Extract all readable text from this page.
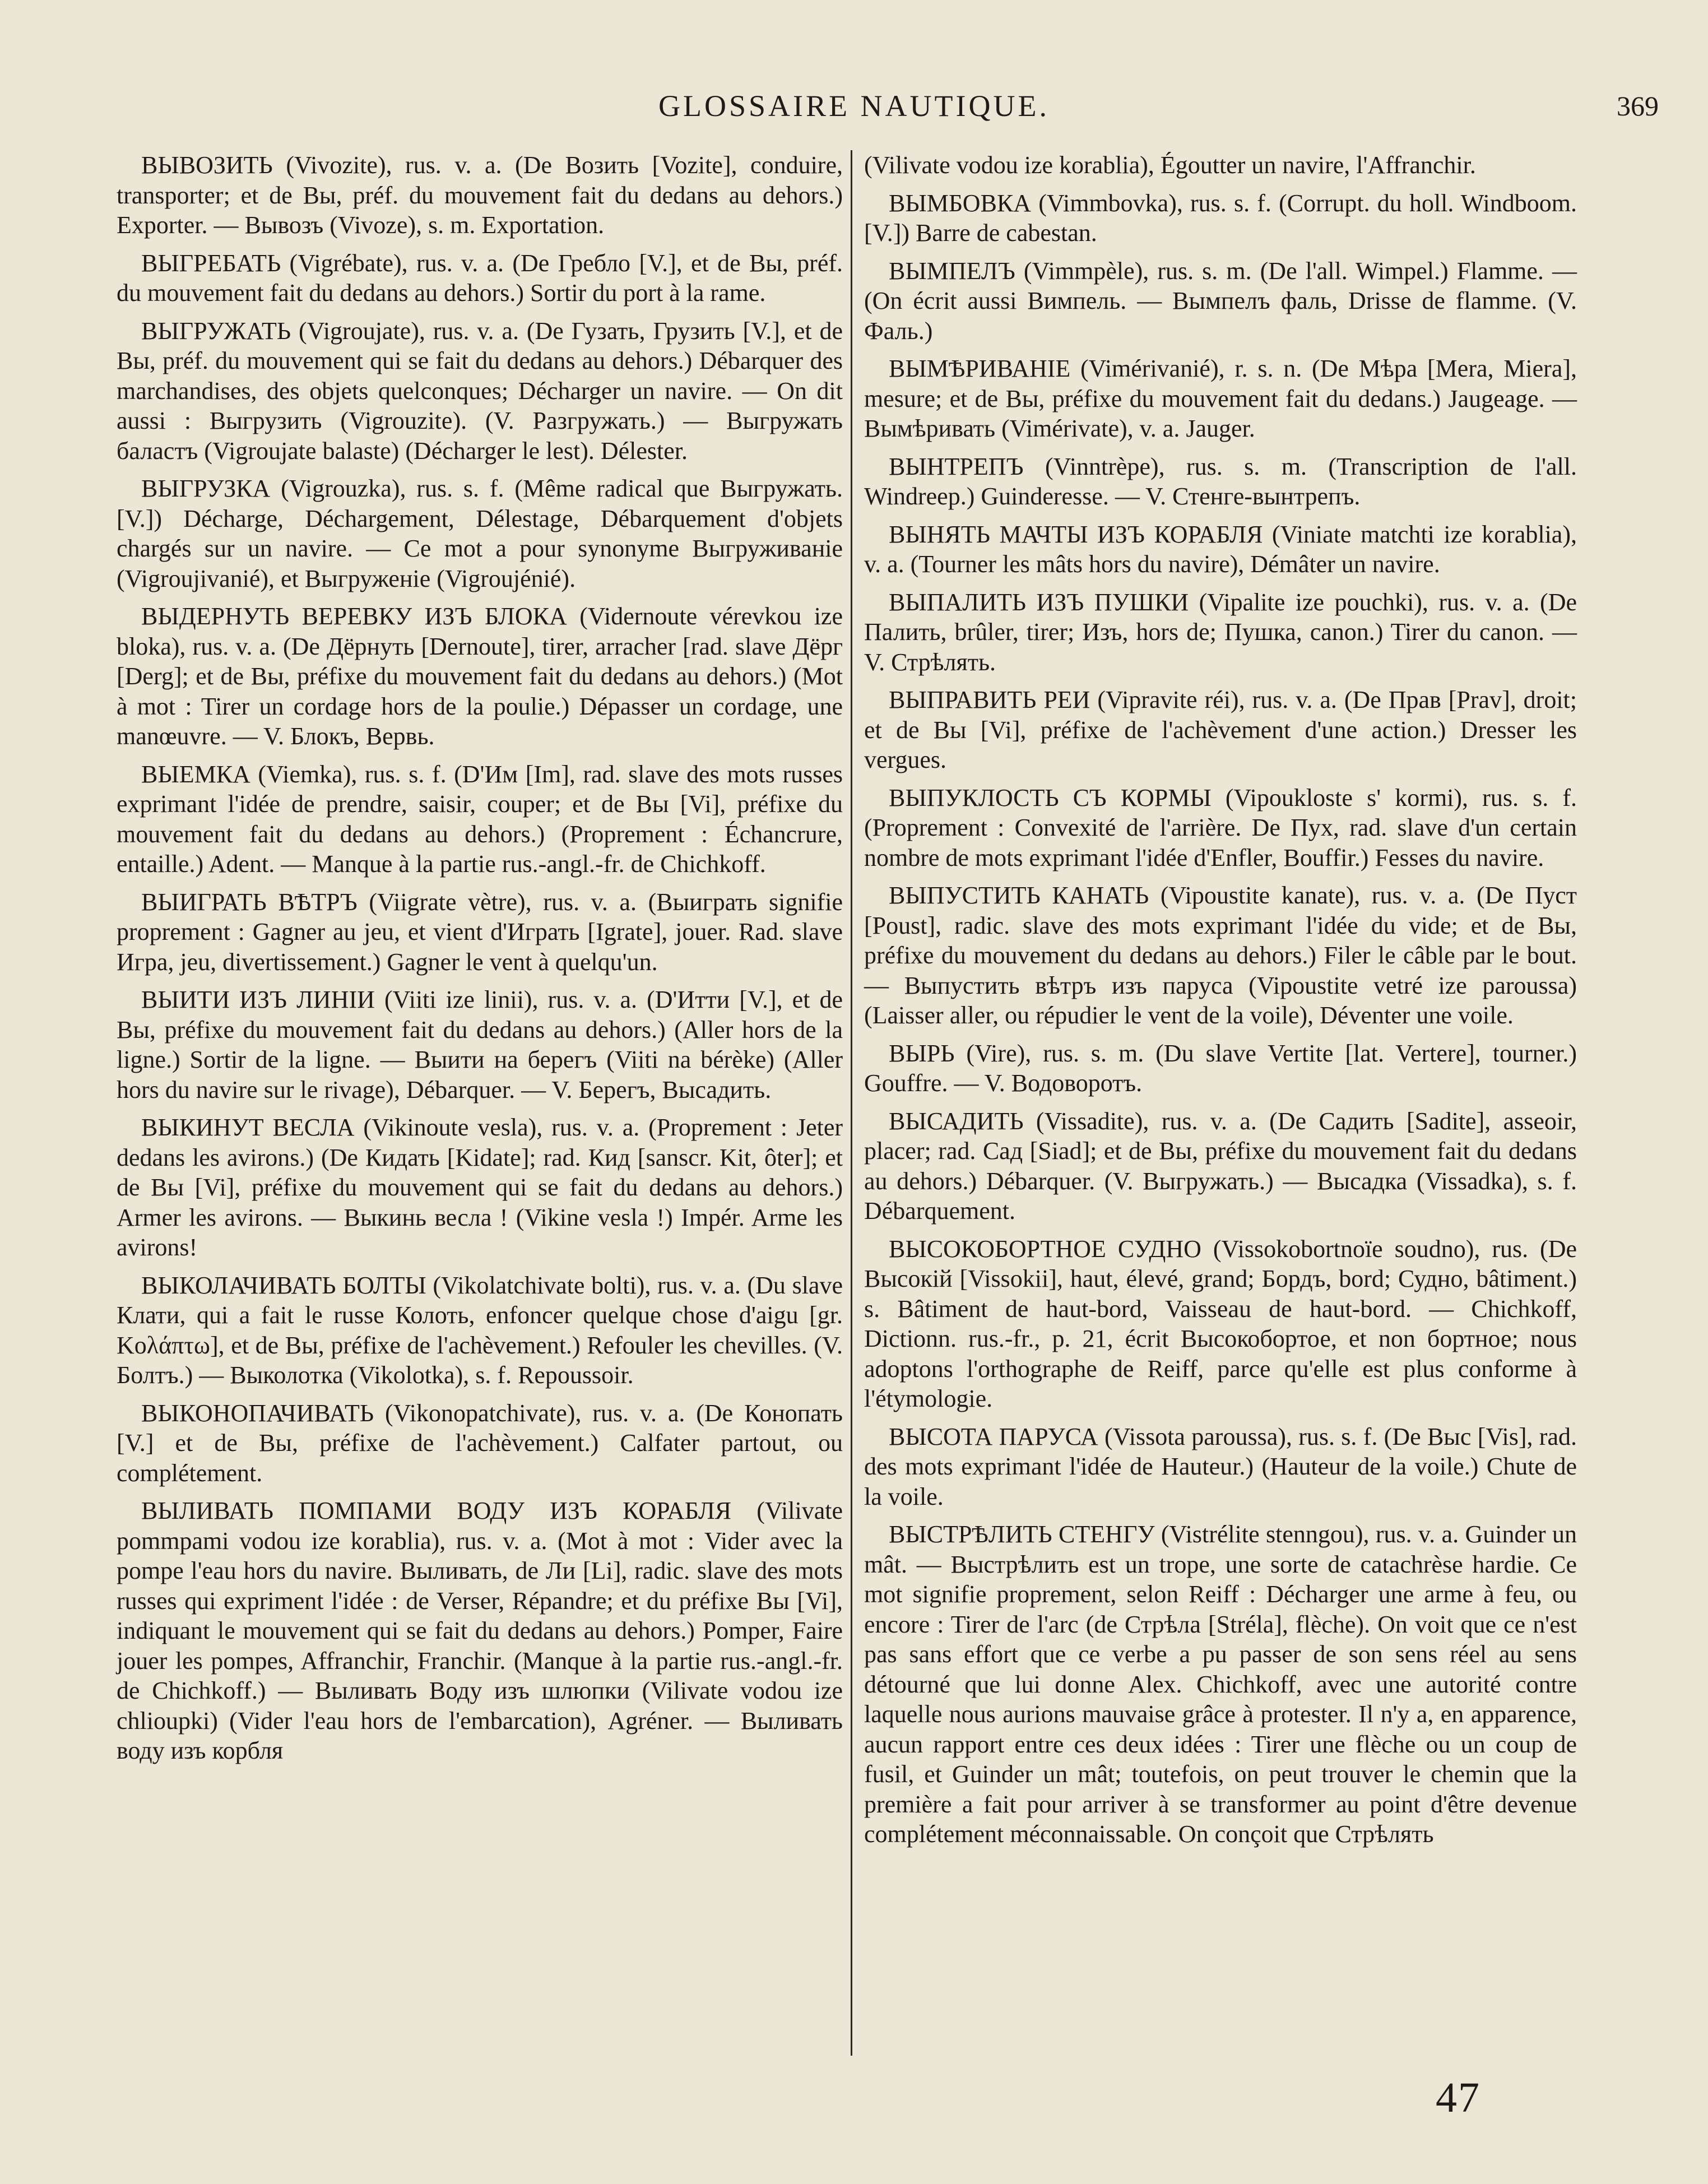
GLOSSAIRE NAUTIQUE.	369

ВЫВОЗИТЬ (Vivozite), rus. v. a. (De Возить [Vozite], conduire, transporter; et de Вы, préf. du mouvement fait du dedans au dehors.) Exporter. — Вывозъ (Vivoze), s. m. Exportation.

ВЫГРЕБАТЬ (Vigrébate), rus. v. a. (De Гребло [V.], et de Вы, préf. du mouvement fait du dedans au dehors.) Sortir du port à la rame.

ВЫГРУЖАТЬ (Vigroujate), rus. v. a. (De Гузать, Грузить [V.], et de Вы, préf. du mouvement qui se fait du dedans au dehors.) Débarquer des marchandises, des objets quelconques; Décharger un navire. — On dit aussi : Выгрузить (Vigrouzite). (V. Разгружать.) — Выгружать баластъ (Vigroujate balaste) (Décharger le lest). Délester.

ВЫГРУЗКА (Vigrouzka), rus. s. f. (Même radical que Выгружать. [V.]) Décharge, Déchargement, Délestage, Débarquement d'objets chargés sur un navire. — Ce mot a pour synonyme Выгруживаніе (Vigroujivanié), et Выгруженіе (Vigroujénié).

ВЫДЕРНУТЬ ВЕРЕВКУ ИЗЪ БЛОКА (Vidernoute vérevkou ize bloka), rus. v. a. (De Дёрнуть [Dernoute], tirer, arracher [rad. slave Дёрг [Derg]; et de Вы, préfixe du mouvement fait du dedans au dehors.) (Mot à mot : Tirer un cordage hors de la poulie.) Dépasser un cordage, une manœuvre. — V. Блокъ, Вервь.

ВЫЕМКА (Viemka), rus. s. f. (D'Им [Im], rad. slave des mots russes exprimant l'idée de prendre, saisir, couper; et de Вы [Vi], préfixe du mouvement fait du dedans au dehors.) (Proprement : Échancrure, entaille.) Adent. — Manque à la partie rus.-angl.-fr. de Chichkoff.

ВЫИГРАТЬ ВѢТРЪ (Viigrate vètre), rus. v. a. (Выиграть signifie proprement : Gagner au jeu, et vient d'Играть [Igrate], jouer. Rad. slave Игра, jeu, divertissement.) Gagner le vent à quelqu'un.

ВЫИТИ ИЗЪ ЛИНІИ (Viiti ize linii), rus. v. a. (D'Итти [V.], et de Вы, préfixe du mouvement fait du dedans au dehors.) (Aller hors de la ligne.) Sortir de la ligne. — Выити на берегъ (Viiti na bérèke) (Aller hors du navire sur le rivage), Débarquer. — V. Берегъ, Высадить.

ВЫКИНУТ ВЕСЛА (Vikinoute vesla), rus. v. a. (Proprement : Jeter dedans les avirons.) (De Кидать [Kidate]; rad. Кид [sanscr. Kit, ôter]; et de Вы [Vi], préfixe du mouvement qui se fait du dedans au dehors.) Armer les avirons. — Выкинь весла ! (Vikine vesla !) Impér. Arme les avirons!

ВЫКОЛАЧИВАТЬ БОЛТЫ (Vikolatchivate bolti), rus. v. a. (Du slave Клати, qui a fait le russe Колоть, enfoncer quelque chose d'aigu [gr. Κολάπτω], et de Вы, préfixe de l'achèvement.) Refouler les chevilles. (V. Болтъ.) — Выколотка (Vikolotka), s. f. Repoussoir.

ВЫКОНОПАЧИВАТЬ (Vikonopatchivate), rus. v. a. (De Конопать [V.] et de Вы, préfixe de l'achèvement.) Calfater partout, ou complétement.

ВЫЛИВАТЬ ПОМПАМИ ВОДУ ИЗЪ КОРАБЛЯ (Vilivate pommpami vodou ize korablia), rus. v. a. (Mot à mot : Vider avec la pompe l'eau hors du navire. Выливать, de Ли [Li], radic. slave des mots russes qui expriment l'idée : de Verser, Répandre; et du préfixe Вы [Vi], indiquant le mouvement qui se fait du dedans au dehors.) Pomper, Faire jouer les pompes, Affranchir, Franchir. (Manque à la partie rus.-angl.-fr. de Chichkoff.) — Выливать Воду изъ шлюпки (Vilivate vodou ize chlioupki) (Vider l'eau hors de l'embarcation), Agréner. — Выливать воду изъ корбля

(Vilivate vodou ize korablia), Égoutter un navire, l'Affranchir.

ВЫМБОВКА (Vimmbovka), rus. s. f. (Corrupt. du holl. Windboom. [V.]) Barre de cabestan.

ВЫМПЕЛЪ (Vimmpèle), rus. s. m. (De l'all. Wimpel.) Flamme. — (On écrit aussi Вимпель. — Вымпелъ фаль, Drisse de flamme. (V. Фаль.)

ВЫМѢРИВАНІЕ (Vimérivanié), r. s. n. (De Мѣра [Mera, Miera], mesure; et de Вы, préfixe du mouvement fait du dedans.) Jaugeage. — Вымѣривать (Vimérivate), v. a. Jauger.

ВЫНТРЕПЪ (Vinntrèpe), rus. s. m. (Transcription de l'all. Windreep.) Guinderesse. — V. Стенге-вынтрепъ.

ВЫНЯТЬ МАЧТЫ ИЗЪ КОРАБЛЯ (Viniate matchti ize korablia), v. a. (Tourner les mâts hors du navire), Démâter un navire.

ВЫПАЛИТЬ ИЗЪ ПУШКИ (Vipalite ize pouchki), rus. v. a. (De Палить, brûler, tirer; Изъ, hors de; Пушка, canon.) Tirer du canon. — V. Стрѣлять.

ВЫПРАВИТЬ РЕИ (Vipravite réi), rus. v. a. (De Прав [Prav], droit; et de Вы [Vi], préfixe de l'achèvement d'une action.) Dresser les vergues.

ВЫПУКЛОСТЬ СЪ КОРМЫ (Vipoukloste s' kormi), rus. s. f. (Proprement : Convexité de l'arrière. De Пух, rad. slave d'un certain nombre de mots exprimant l'idée d'Enfler, Bouffir.) Fesses du navire.

ВЫПУСТИТЬ КАНАТЬ (Vipoustite kanate), rus. v. a. (De Пуст [Poust], radic. slave des mots exprimant l'idée du vide; et de Вы, préfixe du mouvement du dedans au dehors.) Filer le câble par le bout. — Выпустить вѣтръ изъ паруса (Vipoustite vetré ize paroussa) (Laisser aller, ou répudier le vent de la voile), Déventer une voile.

ВЫРЬ (Vire), rus. s. m. (Du slave Vertite [lat. Vertere], tourner.) Gouffre. — V. Водоворотъ.

ВЫСАДИТЬ (Vissadite), rus. v. a. (De Садить [Sadite], asseoir, placer; rad. Сад [Siad]; et de Вы, préfixe du mouvement fait du dedans au dehors.) Débarquer. (V. Выгружать.) — Высадка (Vissadka), s. f. Débarquement.

ВЫСОКОБОРТНОЕ СУДНО (Vissokobortnoïe soudno), rus. (De Высокій [Vissokii], haut, élevé, grand; Бордъ, bord; Судно, bâtiment.) s. Bâtiment de haut-bord, Vaisseau de haut-bord. — Chichkoff, Dictionn. rus.-fr., p. 21, écrit Высокобортое, et non бортное; nous adoptons l'orthographe de Reiff, parce qu'elle est plus conforme à l'étymologie.

ВЫСОТА ПАРУСА (Vissota paroussa), rus. s. f. (De Выс [Vis], rad. des mots exprimant l'idée de Hauteur.) (Hauteur de la voile.) Chute de la voile.

ВЫСТРѢЛИТЬ СТЕНГУ (Vistrélite stenngou), rus. v. a. Guinder un mât. — Выстрѣлить est un trope, une sorte de catachrèse hardie. Ce mot signifie proprement, selon Reiff : Décharger une arme à feu, ou encore : Tirer de l'arc (de Стрѣла [Stréla], flèche). On voit que ce n'est pas sans effort que ce verbe a pu passer de son sens réel au sens détourné que lui donne Alex. Chichkoff, avec une autorité contre laquelle nous aurions mauvaise grâce à protester. Il n'y a, en apparence, aucun rapport entre ces deux idées : Tirer une flèche ou un coup de fusil, et Guinder un mât; toutefois, on peut trouver le chemin que la première a fait pour arriver à se transformer au point d'être devenue complétement méconnaissable. On conçoit que Стрѣлять

47
